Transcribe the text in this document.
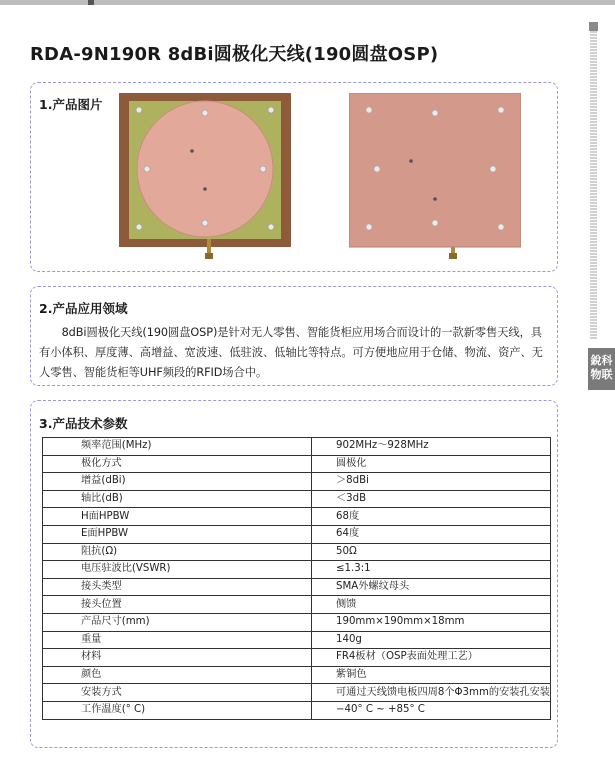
銳科
物联
RDA-9N190R 8dBi圆极化天线(190圆盘OSP)
1.产品图片
2.产品应用领域
8dBi圆极化天线(190圆盘OSP)是针对无人零售、智能货柜应用场合而设计的一款新零售天线，具有小体积、厚度薄、高增益、宽波速、低驻波、低轴比等特点。可方便地应用于仓储、物流、资产、无人零售、智能货柜等UHF频段的RFID场合中。
3.产品技术参数
频率范围(MHz)	902MHz～928MHz
极化方式	圆极化
增益(dBi)	＞8dBi
轴比(dB)	＜3dB
H面HPBW	68度
E面HPBW	64度
阻抗(Ω)	50Ω
电压驻波比(VSWR)	≤1.3:1
接头类型	SMA外螺纹母头
接头位置	侧馈
产品尺寸(mm)	190mm×190mm×18mm
重量	140g
材料	FR4板材（OSP表面处理工艺）
颜色	紫铜色
安装方式	可通过天线馈电板四周8个Φ3mm的安装孔安装
工作温度(° C)	−40° C ~ +85° C
